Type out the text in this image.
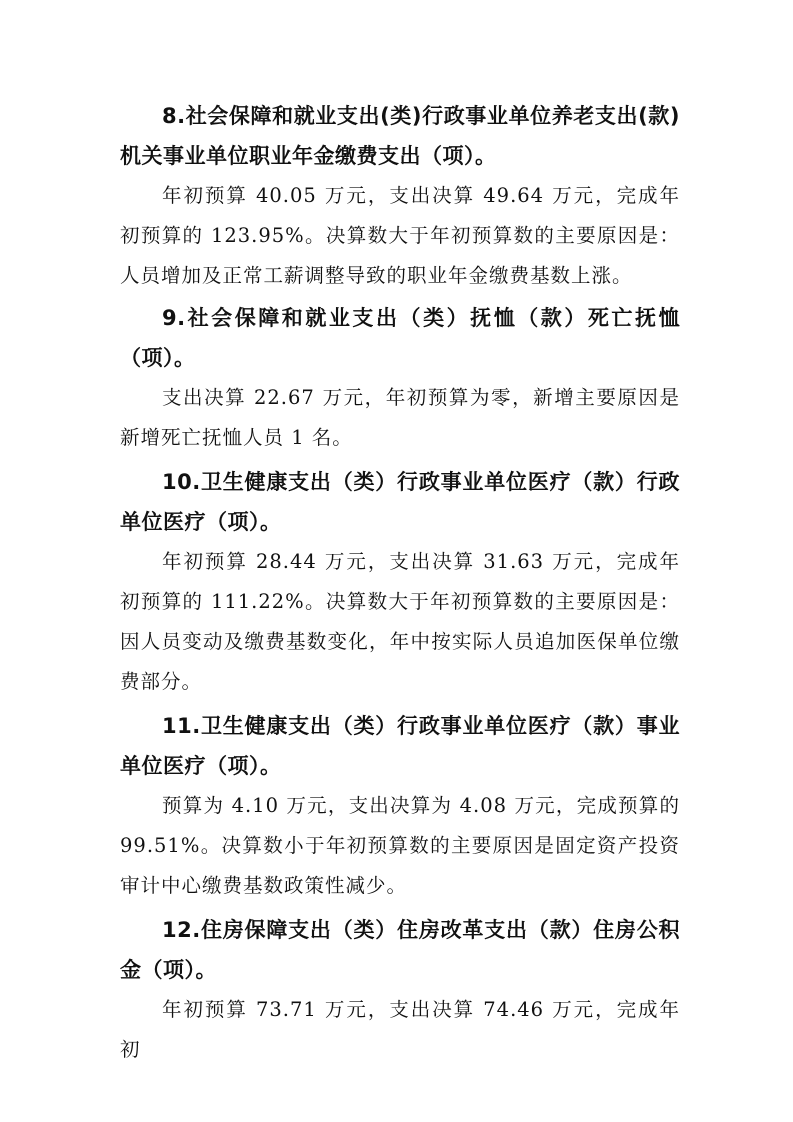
8.社会保障和就业支出(类)行政事业单位养老支出(款)机关事业单位职业年金缴费支出（项）。

年初预算 40.05 万元，支出决算 49.64 万元，完成年初预算的 123.95%。决算数大于年初预算数的主要原因是：人员增加及正常工薪调整导致的职业年金缴费基数上涨。

9.社会保障和就业支出（类）抚恤（款）死亡抚恤（项）。

支出决算 22.67 万元，年初预算为零，新增主要原因是新增死亡抚恤人员 1 名。

10.卫生健康支出（类）行政事业单位医疗（款）行政单位医疗（项）。

年初预算 28.44 万元，支出决算 31.63 万元，完成年初预算的 111.22%。决算数大于年初预算数的主要原因是：因人员变动及缴费基数变化，年中按实际人员追加医保单位缴费部分。

11.卫生健康支出（类）行政事业单位医疗（款）事业单位医疗（项）。

预算为 4.10 万元，支出决算为 4.08 万元，完成预算的 99.51%。决算数小于年初预算数的主要原因是固定资产投资审计中心缴费基数政策性减少。

12.住房保障支出（类）住房改革支出（款）住房公积金（项）。

年初预算 73.71 万元，支出决算 74.46 万元，完成年初
